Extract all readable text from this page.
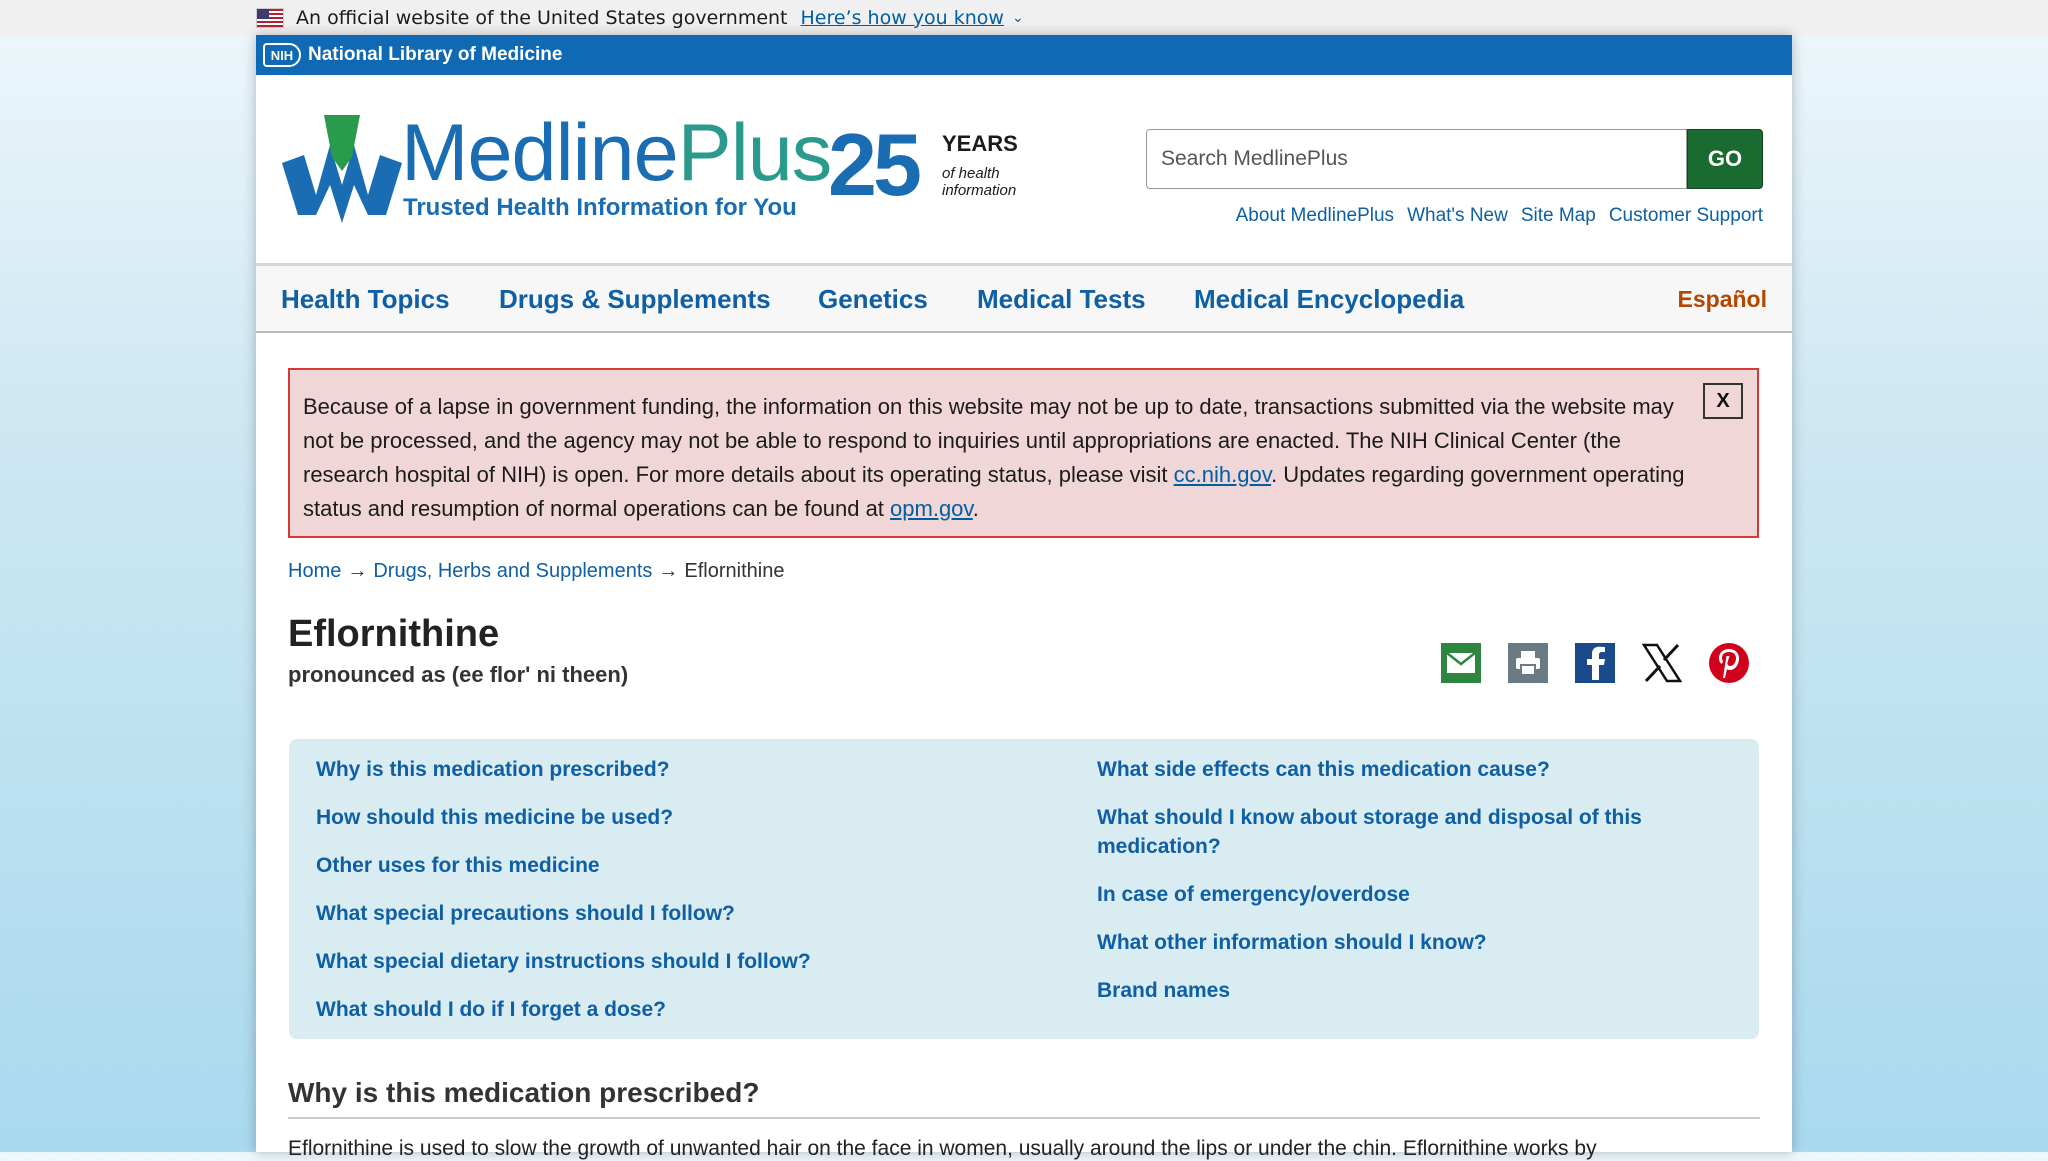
An official website of the United States government Here’s how you know ⌄
NIH National Library of Medicine
MedlinePlus
Trusted Health Information for You 25 YEARS
of health information
Search MedlinePlus	GO
About MedlinePlus What's New Site Map Customer Support
Health Topics Drugs & Supplements Genetics Medical Tests Medical Encyclopedia	Español
Because of a lapse in government funding, the information on this website may not be up to date, transactions submitted via the website may not be processed, and the agency may not be able to respond to inquiries until appropriations are enacted. The NIH Clinical Center (the research hospital of NIH) is open. For more details about its operating status, please visit cc.nih.gov. Updates regarding government operating status and resumption of normal operations can be found at opm.gov.
Home → Drugs, Herbs and Supplements → Eflornithine
Eflornithine
pronounced as (ee flor' ni theen)
Why is this medication prescribed?
How should this medicine be used?
Other uses for this medicine
What special precautions should I follow?
What special dietary instructions should I follow?
What should I do if I forget a dose?
What side effects can this medication cause?
What should I know about storage and disposal of this medication?
In case of emergency/overdose
What other information should I know?
Brand names
Why is this medication prescribed?
Eflornithine is used to slow the growth of unwanted hair on the face in women, usually around the lips or under the chin. Eflornithine works by
X
